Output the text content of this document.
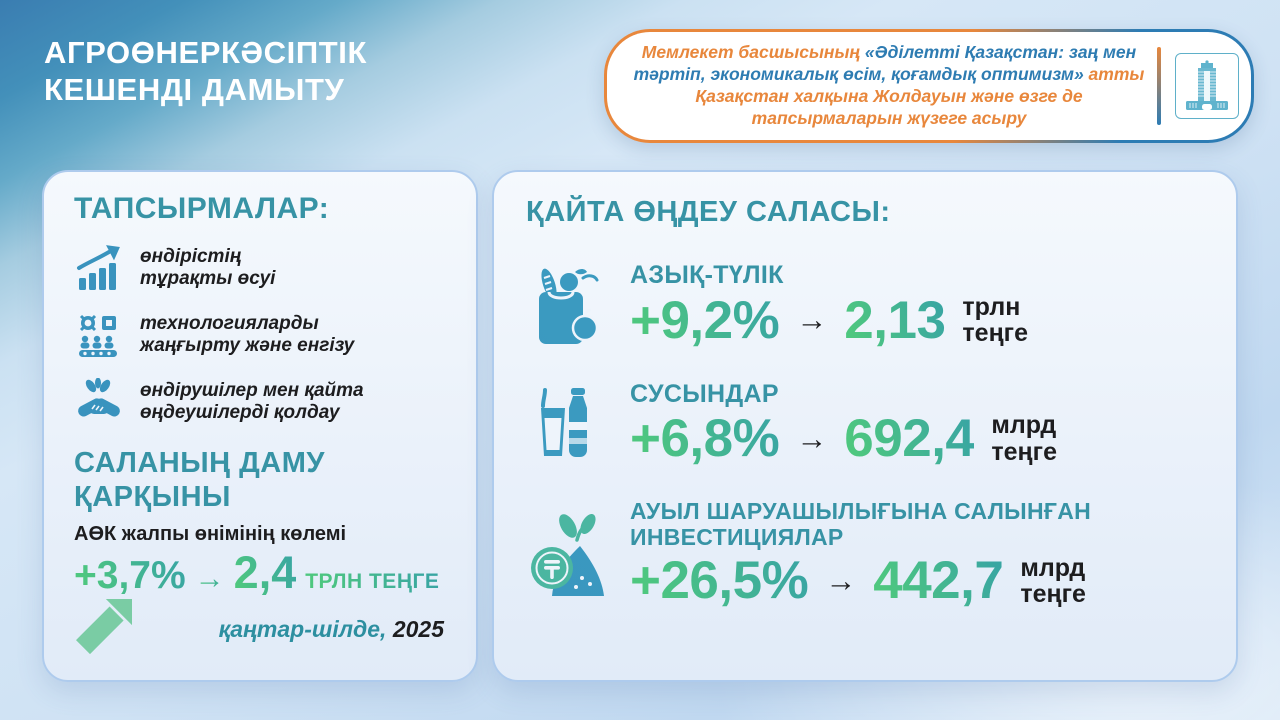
АГРОӨНЕРКӘСІПТІК
КЕШЕНДІ ДАМЫТУ
Мемлекет басшысының «Әділетті Қазақстан: заң мен тәртіп, экономикалық өсім, қоғамдық оптимизм» атты Қазақстан халқына Жолдауын және өзге де тапсырмаларын жүзеге асыру
ТАПСЫРМАЛАР:

өндірістің
тұрақты өсуі

технологияларды
жаңғырту және енгізу

өндірушілер мен қайта
өңдеушілерді қолдау

САЛАНЫҢ ДАМУ
ҚАРҚЫНЫ

АӨК жалпы өнімінің көлемі

+3,7% → 2,4 ТРЛН ТЕҢГЕ

қаңтар-шілде, 2025

ҚАЙТА ӨҢДЕУ САЛАСЫ:

АЗЫҚ-ТҮЛІК

+9,2% → 2,13 трлн
теңге

СУСЫНДАР

+6,8% → 692,4 млрд
теңге

АУЫЛ ШАРУАШЫЛЫҒЫНА САЛЫНҒАН
ИНВЕСТИЦИЯЛАР

+26,5% → 442,7 млрд
теңге
